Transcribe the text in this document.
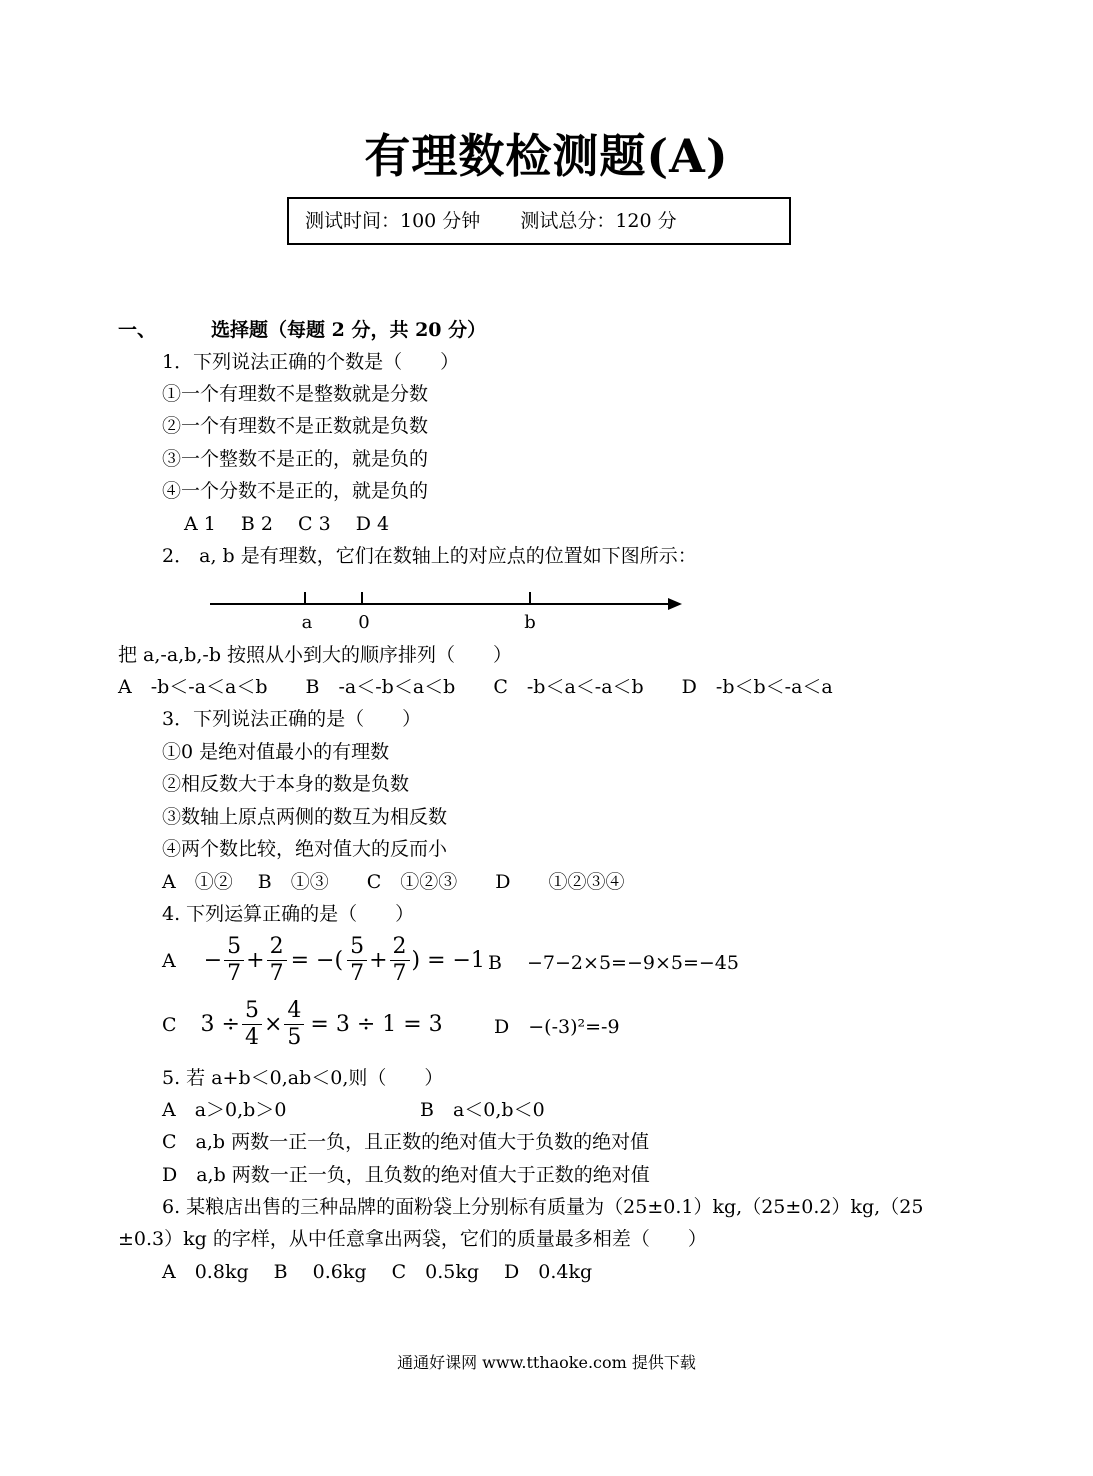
有理数检测题(A)
测试时间：100 分钟 测试总分：120 分
一、	选择题（每题 2 分，共 20 分）
1．下列说法正确的个数是（　　）
①一个有理数不是整数就是分数
②一个有理数不是正数就是负数
③一个整数不是正的，就是负的
④一个分数不是正的，就是负的
A 1　 B 2　 C 3　 D 4
2． a, b 是有理数，它们在数轴上的对应点的位置如下图所示：
a	0	b
把 a,-a,b,-b 按照从小到大的顺序排列（　　）
A　-b＜-a＜a＜b　　B　-a＜-b＜a＜b　　C　-b＜a＜-a＜b　　D　-b＜b＜-a＜a
3．下列说法正确的是（　　）
①0 是绝对值最小的有理数
②相反数大于本身的数是负数
③数轴上原点两侧的数互为相反数
④两个数比较，绝对值大的反而小
A　①②　 B　①③　　C　①②③　　D　　①②③④
4. 下列运算正确的是（　　）
$A - \frac{5}{7} + \frac{2}{7}$ = −( $\frac{5}{7} + \frac{2}{7}$ ) = −1 B　 −7−2×5=−9×5=−45
C $3 \div \frac{5}{4} \times \frac{4}{5} = 3 \div 1 = 3$	D　−(-3)²=-9
5. 若 a+b＜0,ab＜0,则（　　）
A　a＞0,b＞0	B　a＜0,b＜0
C　a,b 两数一正一负，且正数的绝对值大于负数的绝对值
D　a,b 两数一正一负，且负数的绝对值大于正数的绝对值
6. 某粮店出售的三种品牌的面粉袋上分别标有质量为（25±0.1）kg,（25±0.2）kg,（25
±0.3）kg 的字样，从中任意拿出两袋，它们的质量最多相差（　　）
A　0.8kg　 B　 0.6kg　 C　0.5kg　 D　0.4kg
通通好课网 www.tthaoke.com 提供下载
